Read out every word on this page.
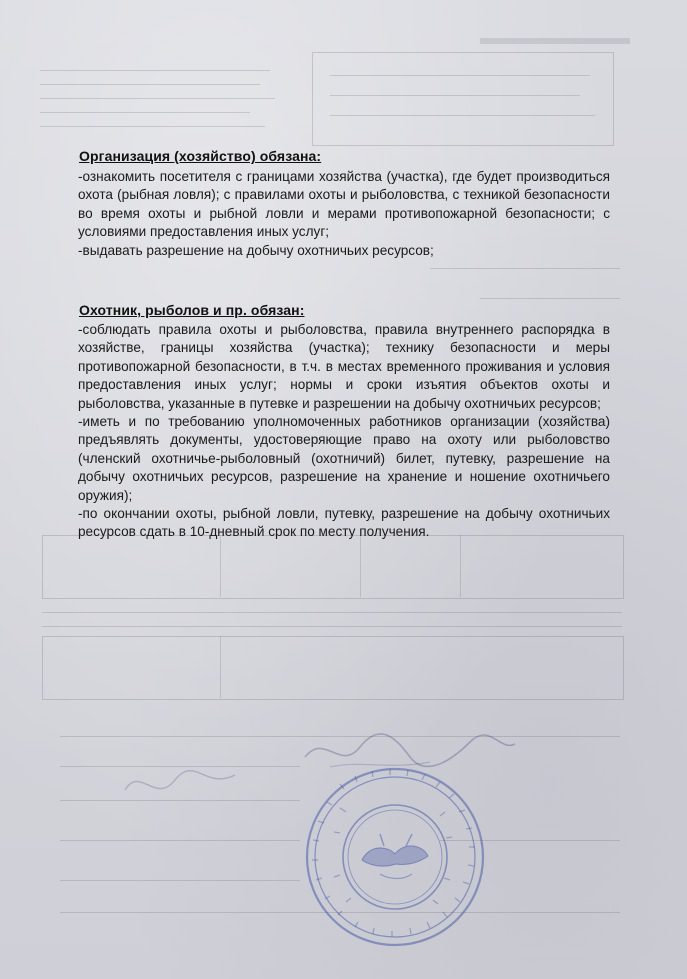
Организация (хозяйство) обязана:

-ознакомить посетителя с границами хозяйства (участка), где будет производиться охота (рыбная ловля); с правилами охоты и рыболовства, с техникой безопасности во время охоты и рыбной ловли и мерами противопожарной безопасности; с условиями предоставления иных услуг;

-выдавать разрешение на добычу охотничьих ресурсов;

Охотник, рыболов и пр. обязан:

-соблюдать правила охоты и рыболовства, правила внутреннего распорядка в хозяйстве, границы хозяйства (участка); технику безопасности и меры противопожарной безопасности, в т.ч. в местах временного проживания и условия предоставления иных услуг; нормы и сроки изъятия объектов охоты и рыболовства, указанные в путевке и разрешении на добычу охотничьих ресурсов;

-иметь и по требованию уполномоченных работников организации (хозяйства) предъявлять документы, удостоверяющие право на охоту или рыболовство (членский охотничье-рыболовный (охотничий) билет, путевку, разрешение на добычу охотничьих ресурсов, разрешение на хранение и ношение охотничьего оружия);

-по окончании охоты, рыбной ловли, путевку, разрешение на добычу охотничьих ресурсов сдать в 10-дневный срок по месту получения.
